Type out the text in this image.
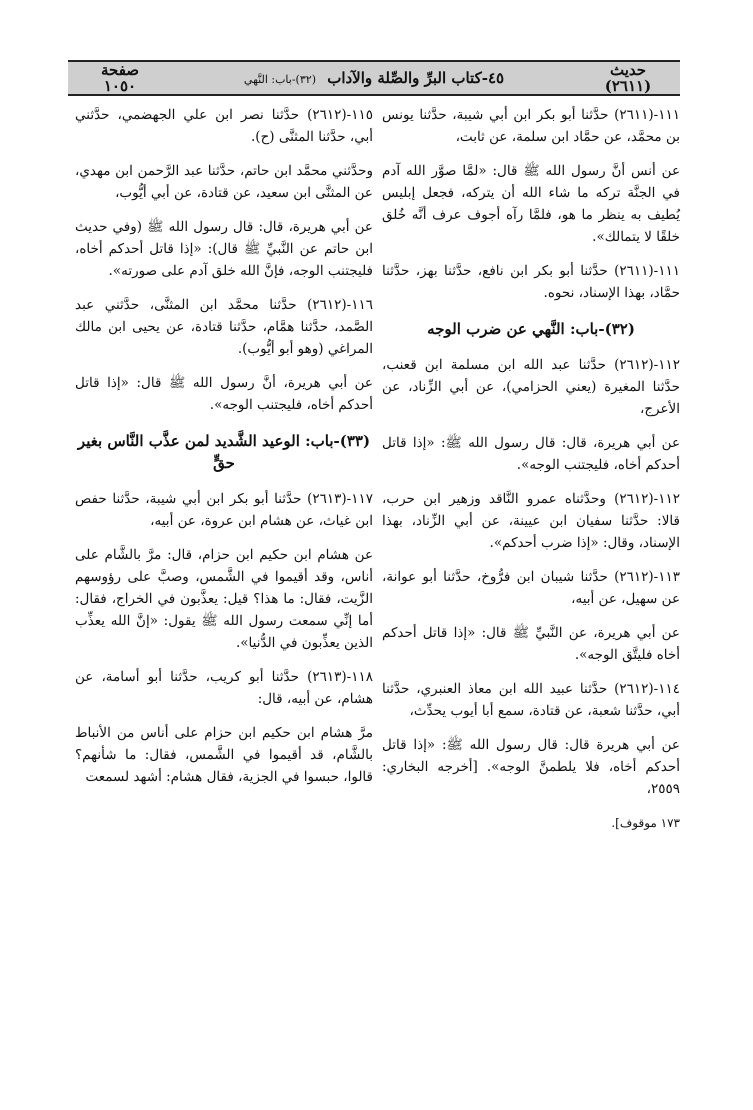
حديث
(٢٦١١)
٤٥-كتاب البرِّ والصِّلة والآداب (٣٢)-باب: النَّهي
صفحة
١٠٥٠

١١١-(٢٦١١) حدَّثنا أبو بكر ابن أبي شيبة، حدَّثنا يونس بن محمَّد، عن حمَّاد ابن سلمة، عن ثابت،

عن أنس أنَّ رسول الله ﷺ قال: «لمَّا صوَّر الله آدم في الجنَّة تركه ما شاء الله أن يتركه، فجعل إبليس يُطيف به ينظر ما هو، فلمَّا رآه أجوف عرف أنَّه خُلق خلقًا لا يتمالك».

١١١-(٢٦١١) حدَّثنا أبو بكر ابن نافع، حدَّثنا بهز، حدَّثنا حمَّاد، بهذا الإسناد، نحوه.

(٣٢)-باب: النَّهي عن ضرب الوجه

١١٢-(٢٦١٢) حدَّثنا عبد الله ابن مسلمة ابن قعنب، حدَّثنا المغيرة (يعني الحزامي)، عن أبي الزِّناد، عن الأعرج،

عن أبي هريرة، قال: قال رسول الله ﷺ: «إذا قاتل أحدكم أخاه، فليجتنب الوجه».

١١٢-(٢٦١٢) وحدَّثناه عمرو النَّاقد وزهير ابن حرب، قالا: حدَّثنا سفيان ابن عيينة، عن أبي الزِّناد، بهذا الإسناد، وقال: «إذا ضرب أحدكم».

١١٣-(٢٦١٢) حدَّثنا شيبان ابن فرُّوخ، حدَّثنا أبو عوانة، عن سهيل، عن أبيه،

عن أبي هريرة، عن النَّبيِّ ﷺ قال: «إذا قاتل أحدكم أخاه فليتَّق الوجه».

١١٤-(٢٦١٢) حدَّثنا عبيد الله ابن معاذ العنبري، حدَّثنا أبي، حدَّثنا شعبة، عن قتادة، سمع أبا أيوب يحدِّث،

عن أبي هريرة قال: قال رسول الله ﷺ: «إذا قاتل أحدكم أخاه، فلا يلطمنَّ الوجه». [أخرجه البخاري: ٢٥٥٩،

١٧٣ موقوف].

١١٥-(٢٦١٢) حدَّثنا نصر ابن علي الجهضمي، حدَّثني أبي، حدَّثنا المثنَّى (ح).

وحدَّثني محمَّد ابن حاتم، حدَّثنا عبد الرَّحمن ابن مهدي، عن المثنَّى ابن سعيد، عن قتادة، عن أبي أيُّوب،

عن أبي هريرة، قال: قال رسول الله ﷺ (وفي حديث ابن حاتم عن النَّبيِّ ﷺ قال): «إذا قاتل أحدكم أخاه، فليجتنب الوجه، فإنَّ الله خلق آدم على صورته».

١١٦-(٢٦١٢) حدَّثنا محمَّد ابن المثنَّى، حدَّثني عبد الصَّمد، حدَّثنا همَّام، حدَّثنا قتادة، عن يحيى ابن مالك المراغي (وهو أبو أيُّوب).

عن أبي هريرة، أنَّ رسول الله ﷺ قال: «إذا قاتل أحدكم أخاه، فليجتنب الوجه».

(٣٣)-باب: الوعيد الشَّديد لمن عذَّب النَّاس بغير حقٍّ

١١٧-(٢٦١٣) حدَّثنا أبو بكر ابن أبي شيبة، حدَّثنا حفص ابن غياث، عن هشام ابن عروة، عن أبيه،

عن هشام ابن حكيم ابن حزام، قال: مرَّ بالشَّام على أناس، وقد أقيموا في الشَّمس، وصبَّ على رؤوسهم الزَّيت، فقال: ما هذا؟ قيل: يعذَّبون في الخراج، فقال: أما إنِّي سمعت رسول الله ﷺ يقول: «إنَّ الله يعذِّب الذين يعذِّبون في الدُّنيا».

١١٨-(٢٦١٣) حدَّثنا أبو كريب، حدَّثنا أبو أسامة، عن هشام، عن أبيه، قال:

مرَّ هشام ابن حكيم ابن حزام على أناس من الأنباط بالشَّام، قد أقيموا في الشَّمس، فقال: ما شأنهم؟ قالوا، حبسوا في الجزية، فقال هشام: أشهد لسمعت
